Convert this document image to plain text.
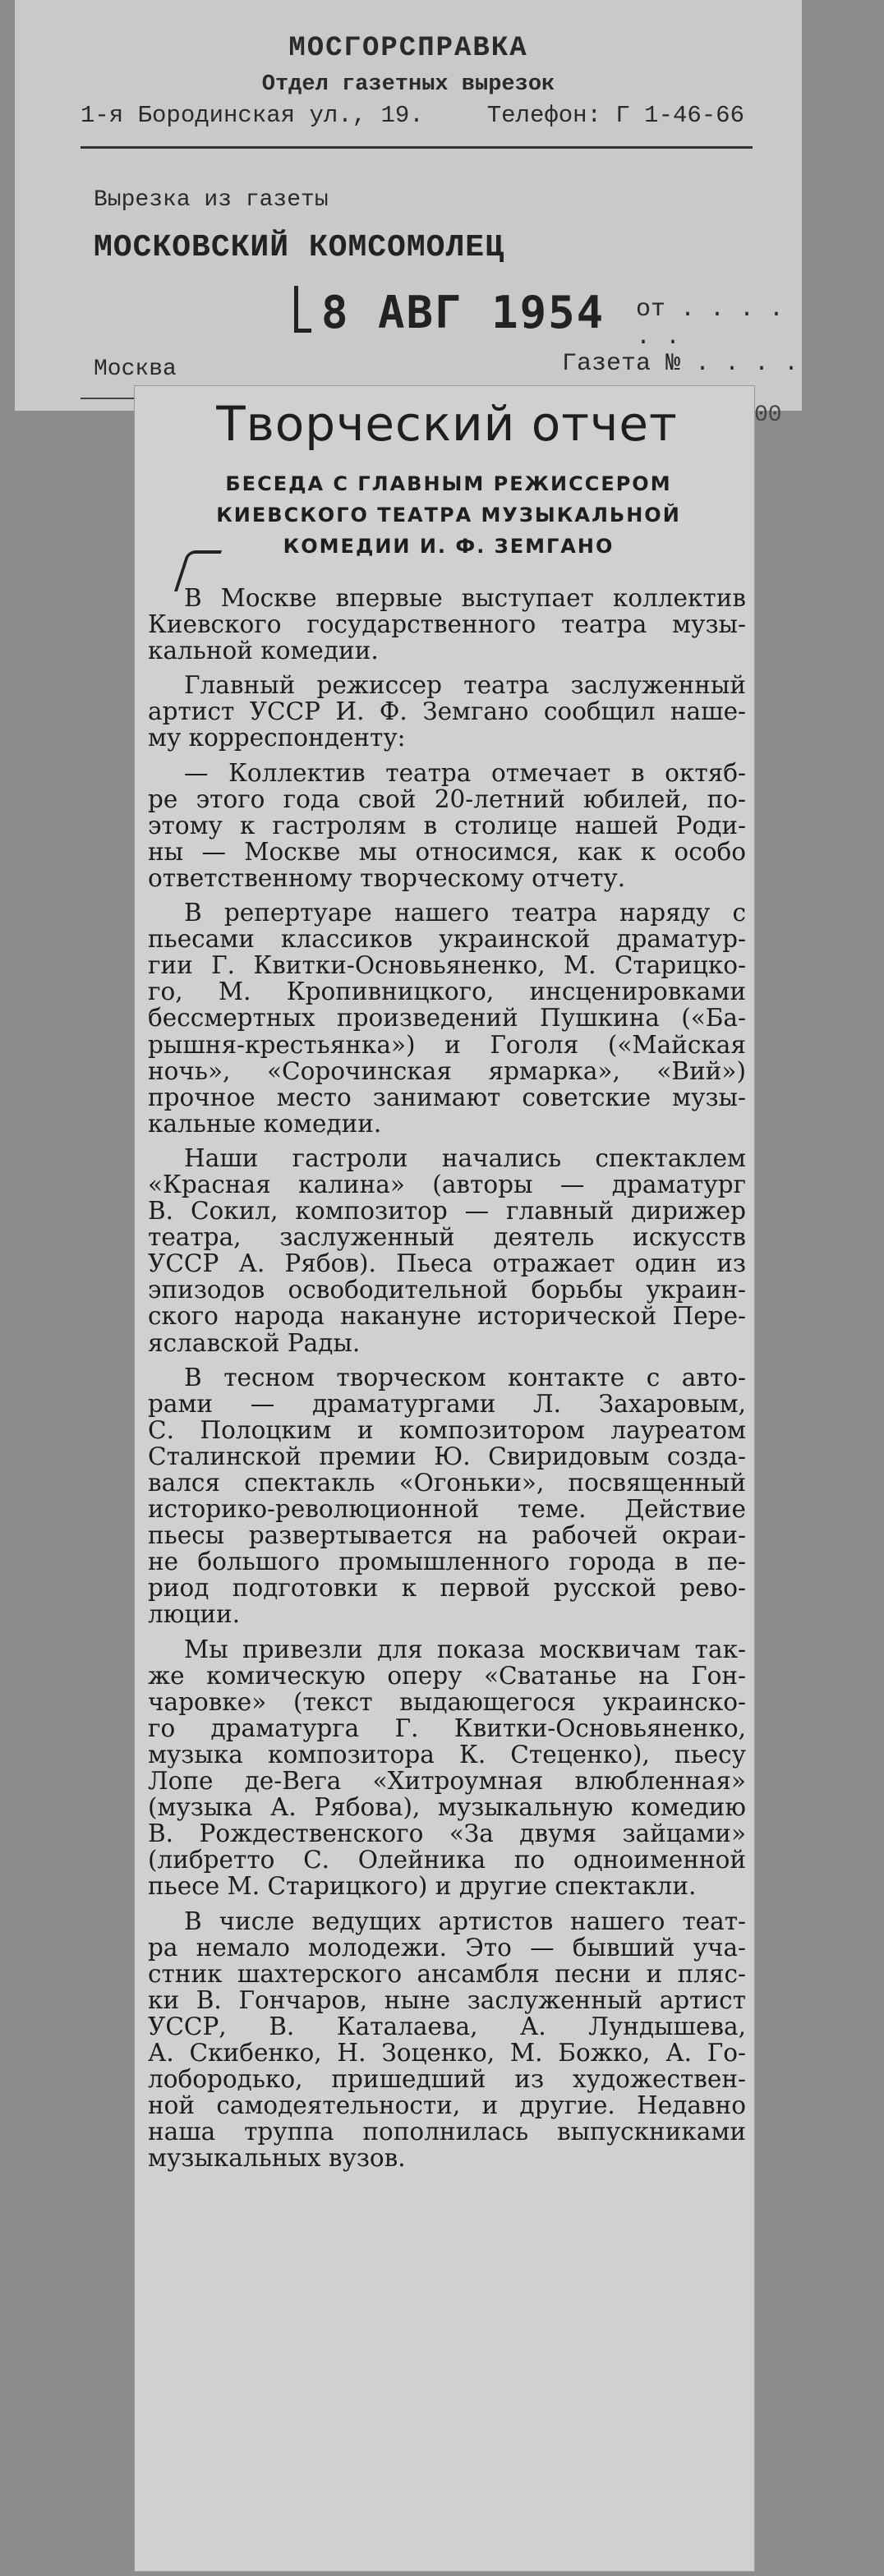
МОСГОРСПРАВКА
Отдел газетных вырезок
1-я Бородинская ул., 19.	Телефон: Г 1-46-66
Вырезка из газеты
МОСКОВСКИЙ КОМСОМОЛЕЦ
8 АВГ 1954 от . . . . . .
Москва	Газета № . . . .
00
Творческий отчет
БЕСЕДА С ГЛАВНЫМ РЕЖИССЕРОМ
КИЕВСКОГО ТЕАТРА МУЗЫКАЛЬНОЙ
КОМЕДИИ И. Ф. ЗЕМГАНО
В Москве впервые выступает коллектив
Киевского государственного театра музы-
кальной комедии.
Главный режиссер театра заслуженный
артист УССР И. Ф. Земгано сообщил нашe-
му корреспонденту:
— Коллектив театра отмечает в октяб-
ре этого года свой 20-летний юбилей, по-
этому к гастролям в столице нашей Роди-
ны — Москве мы относимся, как к особо
ответственному творческому отчету.
В репертуаре нашего театра наряду с
пьесами классиков украинской драматур-
гии Г. Квитки-Основьяненко, М. Старицко-
го, М. Кропивницкого, инсценировками
бессмертных произведений Пушкина («Ба-
рышня-крестьянка») и Гоголя («Майская
ночь», «Сорочинская ярмарка», «Вий»)
прочное место занимают советские музы-
кальные комедии.
Наши гастроли начались спектаклем
«Красная калина» (авторы — драматург
В. Сокил, композитор — главный дирижер
театра, заслуженный деятель искусств
УССР А. Рябов). Пьеса отражает один из
эпизодов освободительной борьбы украин-
ского народа накануне исторической Пере-
яславской Рады.
В тесном творческом контакте с авто-
рами — драматургами Л. Захаровым,
С. Полоцким и композитором лауреатом
Сталинской премии Ю. Свиридовым созда-
вался спектакль «Огоньки», посвященный
историко-революционной теме. Действие
пьесы развертывается на рабочей окраи-
не большого промышленного города в пе-
риод подготовки к первой русской рево-
люции.
Мы привезли для показа москвичам так-
же комическую оперу «Сватанье на Гон-
чаровке» (текст выдающегося украинско-
го драматурга Г. Квитки-Основьяненко,
музыка композитора К. Стеценко), пьесу
Лопе де-Вега «Хитроумная влюбленная»
(музыка А. Рябова), музыкальную комедию
В. Рождественского «За двумя зайцами»
(либретто С. Олейника по одноименной
пьесе М. Старицкого) и другие спектакли.
В числе ведущих артистов нашего теат-
ра немало молодежи. Это — бывший уча-
стник шахтерского ансамбля песни и пляс-
ки В. Гончаров, ныне заслуженный артист
УССР, В. Каталаева, А. Лундышева,
А. Скибенко, Н. Зоценко, М. Божко, А. Го-
лобородько, пришедший из художествен-
ной самодеятельности, и другие. Недавно
наша труппа пополнилась выпускниками
музыкальных вузов.
